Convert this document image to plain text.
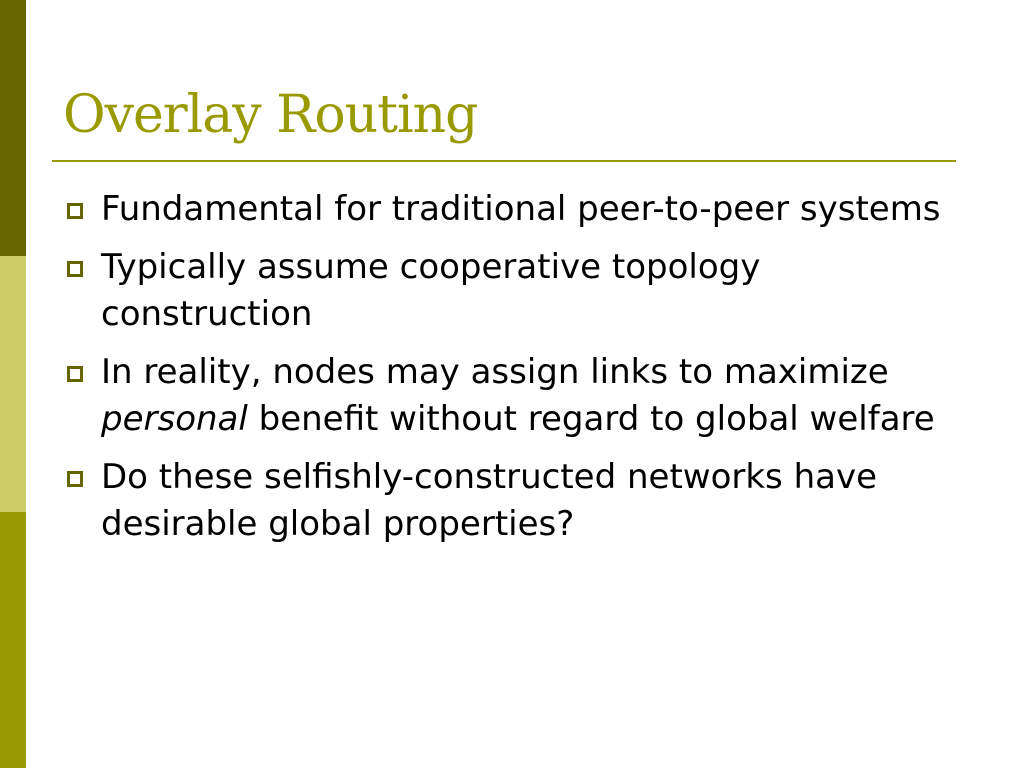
Overlay Routing
Fundamental for traditional peer-to-peer systems
Typically assume cooperative topology construction
In reality, nodes may assign links to maximize personal benefit without regard to global welfare
Do these selfishly-constructed networks have desirable global properties?
